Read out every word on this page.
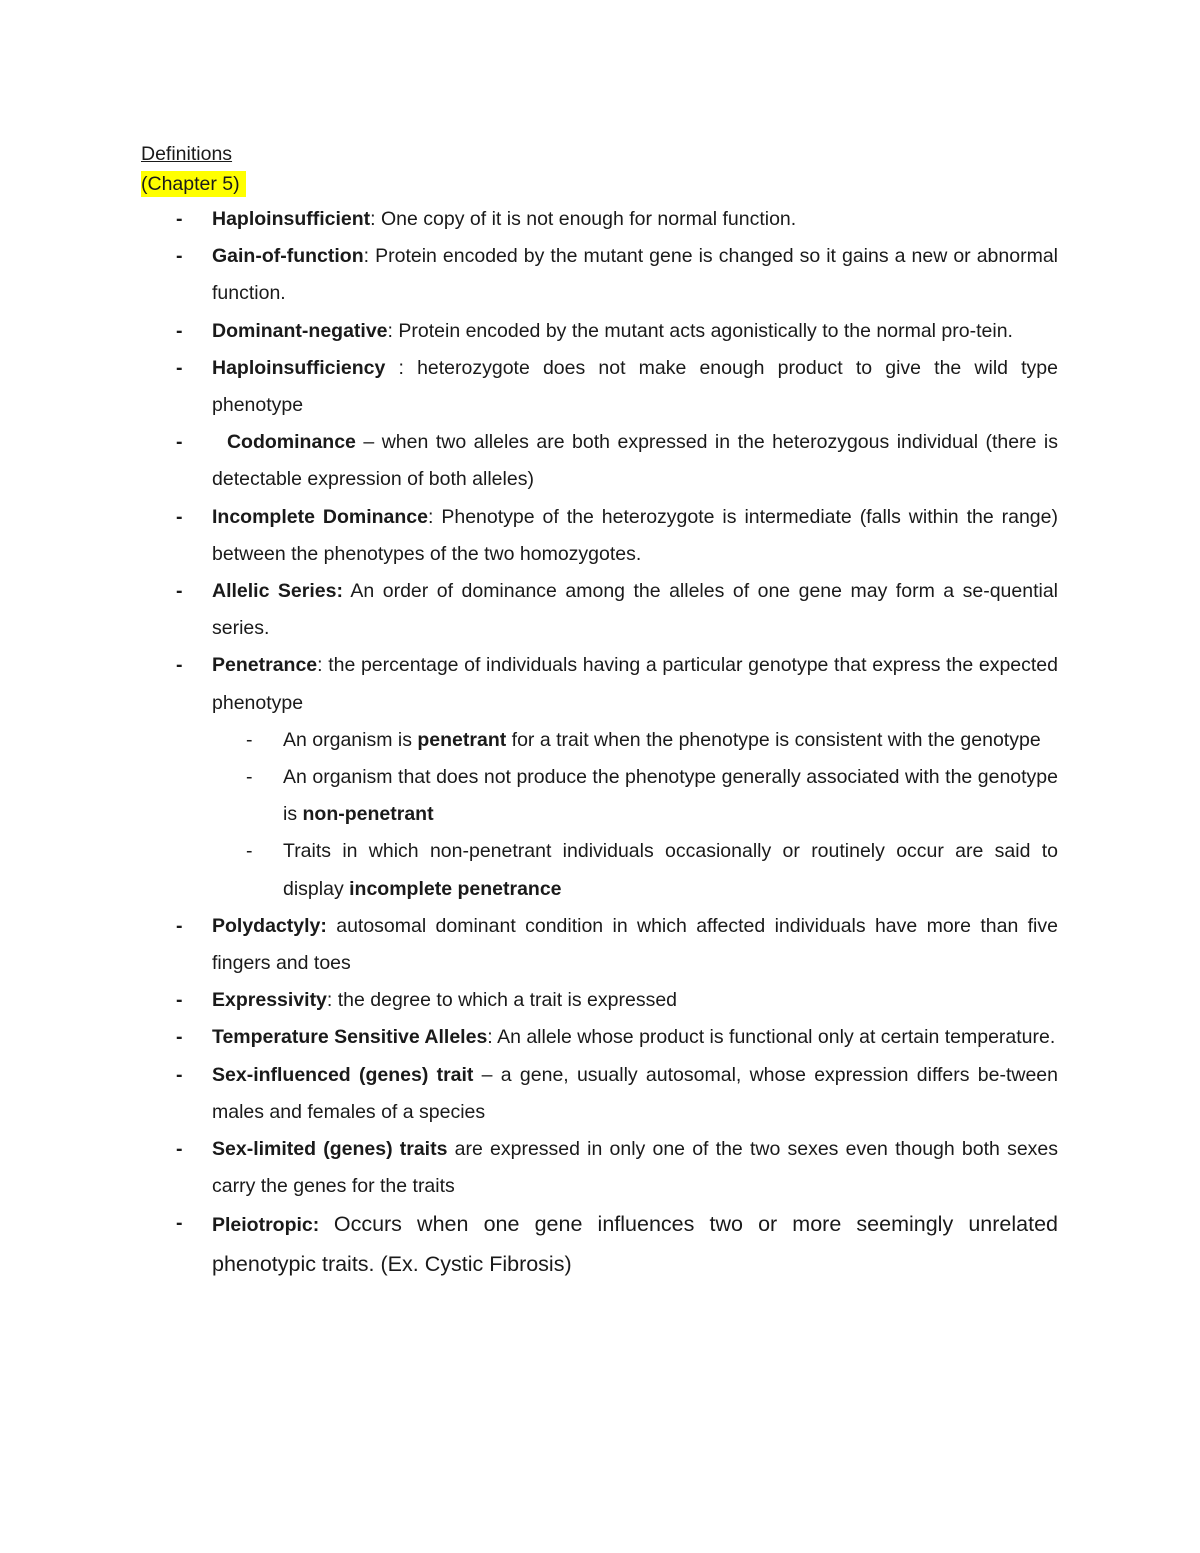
Definitions
(Chapter 5)
- Haploinsufficient: One copy of it is not enough for normal function.
- Gain-of-function: Protein encoded by the mutant gene is changed so it gains a new or abnormal function.
- Dominant-negative: Protein encoded by the mutant acts agonistically to the normal pro-tein.
- Haploinsufficiency : heterozygote does not make enough product to give the wild type phenotype
- Codominance – when two alleles are both expressed in the heterozygous individual (there is detectable expression of both alleles)
- Incomplete Dominance: Phenotype of the heterozygote is intermediate (falls within the range) between the phenotypes of the two homozygotes.
- Allelic Series: An order of dominance among the alleles of one gene may form a se-quential series.
- Penetrance: the percentage of individuals having a particular genotype that express the expected phenotype
- An organism is penetrant for a trait when the phenotype is consistent with the genotype
- An organism that does not produce the phenotype generally associated with the genotype is non-penetrant
- Traits in which non-penetrant individuals occasionally or routinely occur are said to display incomplete penetrance
- Polydactyly: autosomal dominant condition in which affected individuals have more than five fingers and toes
- Expressivity: the degree to which a trait is expressed
- Temperature Sensitive Alleles: An allele whose product is functional only at certain temperature.
- Sex-influenced (genes) trait – a gene, usually autosomal, whose expression differs be-tween males and females of a species
- Sex-limited (genes) traits are expressed in only one of the two sexes even though both sexes carry the genes for the traits
- Pleiotropic: Occurs when one gene influences two or more seemingly unrelated phenotypic traits. (Ex. Cystic Fibrosis)
